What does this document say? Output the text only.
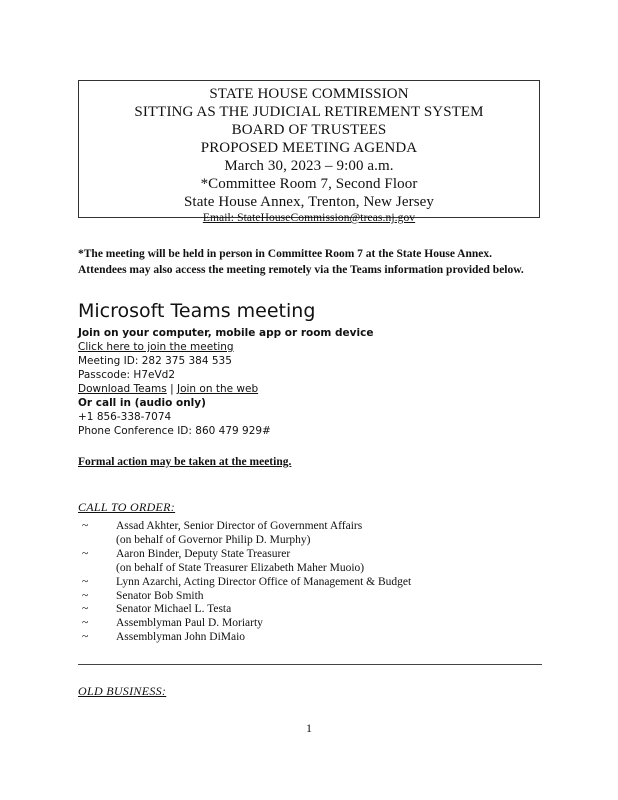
STATE HOUSE COMMISSION
SITTING AS THE JUDICIAL RETIREMENT SYSTEM
BOARD OF TRUSTEES
PROPOSED MEETING AGENDA
March 30, 2023 – 9:00 a.m.
*Committee Room 7, Second Floor
State House Annex, Trenton, New Jersey
Email: StateHouseCommission@treas.nj.gov
*The meeting will be held in person in Committee Room 7 at the State House Annex.
Attendees may also access the meeting remotely via the Teams information provided below.
Microsoft Teams meeting
Join on your computer, mobile app or room device
Click here to join the meeting
Meeting ID: 282 375 384 535
Passcode: H7eVd2
Download Teams | Join on the web
Or call in (audio only)
+1 856-338-7074
Phone Conference ID: 860 479 929#
Formal action may be taken at the meeting.
CALL TO ORDER:
~ Assad Akhter, Senior Director of Government Affairs
(on behalf of Governor Philip D. Murphy)
~ Aaron Binder, Deputy State Treasurer
(on behalf of State Treasurer Elizabeth Maher Muoio)
~ Lynn Azarchi, Acting Director Office of Management & Budget
~ Senator Bob Smith
~ Senator Michael L. Testa
~ Assemblyman Paul D. Moriarty
~ Assemblyman John DiMaio
OLD BUSINESS:
1
